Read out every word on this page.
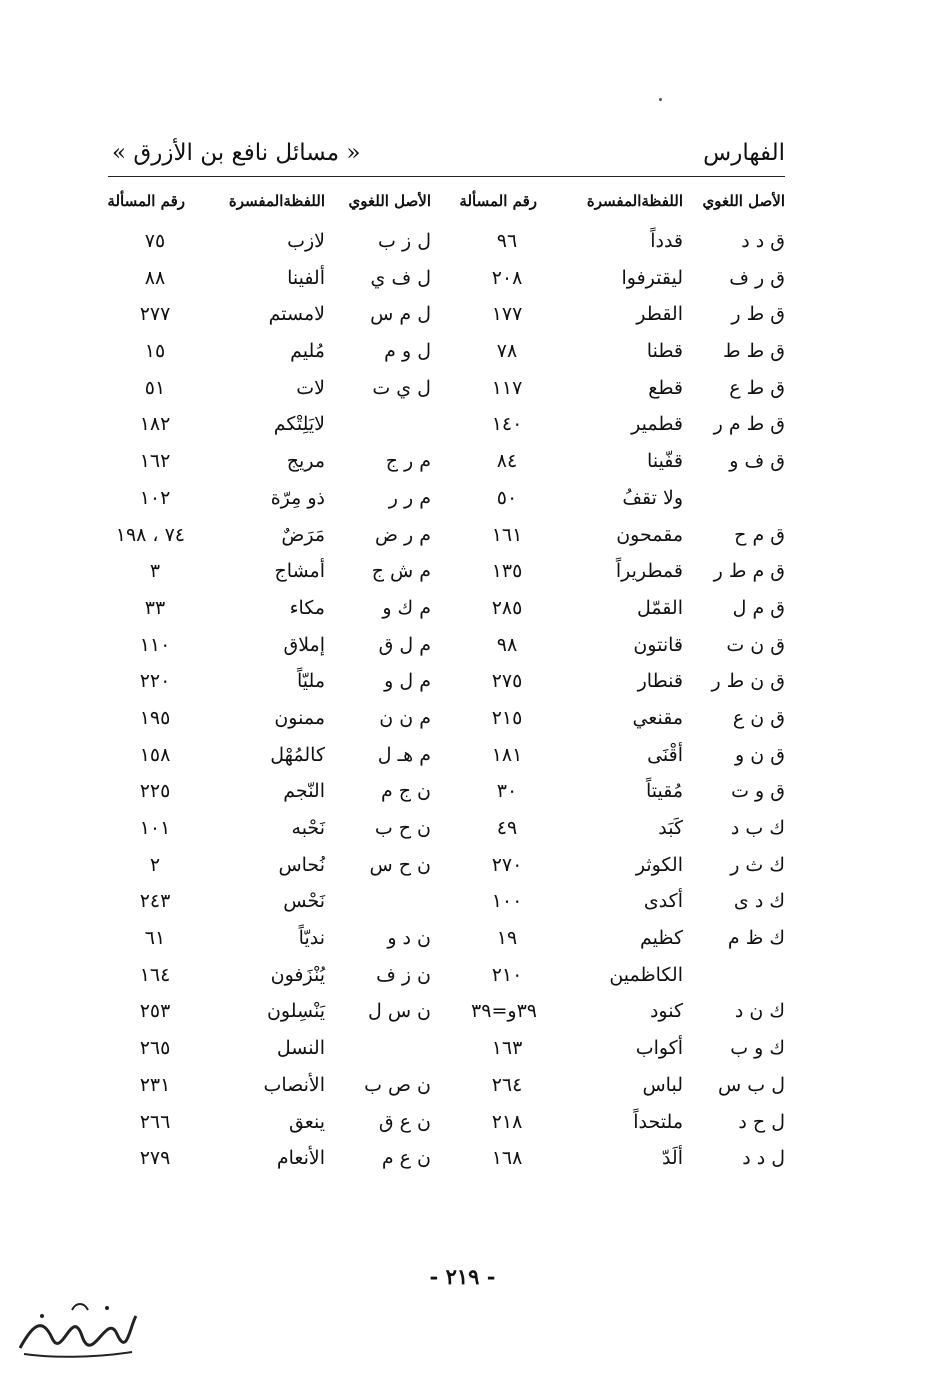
الفهارس
« مسائل نافع بن الأزرق »
الأصل اللغوي
اللفظةالمفسرة
رقم المسألة
الأصل اللغوي
اللفظةالمفسرة
رقم المسألة
ق د د
قدداً
٩٦
ل ز ب
لازب
٧٥
ق ر ف
ليقترفوا
٢٠٨
ل ف ي
ألفينا
٨٨
ق ط ر
القطر
١٧٧
ل م س
لامستم
٢٧٧
ق ط ط
قطنا
٧٨
ل و م
مُليم
١٥
ق ط ع
قطع
١١٧
ل ي ت
لات
٥١
ق ط م ر
قطمير
١٤٠
لايَلِتْكم
١٨٢
ق ف و
قفّينا
٨٤
م ر ج
مريج
١٦٢
ولا تقفُ
٥٠
م ر ر
ذو مِرّة
١٠٢
ق م ح
مقمحون
١٦١
م ر ض
مَرَضٌ
٧٤ ، ١٩٨
ق م ط ر
قمطريراً
١٣٥
م ش ج
أمشاج
٣
ق م ل
القمّل
٢٨٥
م ك و
مكاء
٣٣
ق ن ت
قانتون
٩٨
م ل ق
إملاق
١١٠
ق ن ط ر
قنطار
٢٧٥
م ل و
مليّاً
٢٢٠
ق ن ع
مقنعي
٢١٥
م ن ن
ممنون
١٩٥
ق ن و
أقْنَى
١٨١
م هـ ل
كالمُهْل
١٥٨
ق و ت
مُقيتاً
٣٠
ن ج م
النّجم
٢٢٥
ك ب د
كَبَد
٤٩
ن ح ب
نَحْبه
١٠١
ك ث ر
الكوثر
٢٧٠
ن ح س
نُحاس
٢
ك د ى
أكدى
١٠٠
نَحْس
٢٤٣
ك ظ م
كظيم
١٩
ن د و
نديّاً
٦١
الكاظمين
٢١٠
ن ز ف
يُنْزَفون
١٦٤
ك ن د
كنود
٣٩و=٣٩
ن س ل
يَنْسِلون
٢٥٣
ك و ب
أكواب
١٦٣
النسل
٢٦٥
ل ب س
لباس
٢٦٤
ن ص ب
الأنصاب
٢٣١
ل ح د
ملتحداً
٢١٨
ن ع ق
ينعق
٢٦٦
ل د د
ألَدّ
١٦٨
ن ع م
الأنعام
٢٧٩
- ٢١٩ -
